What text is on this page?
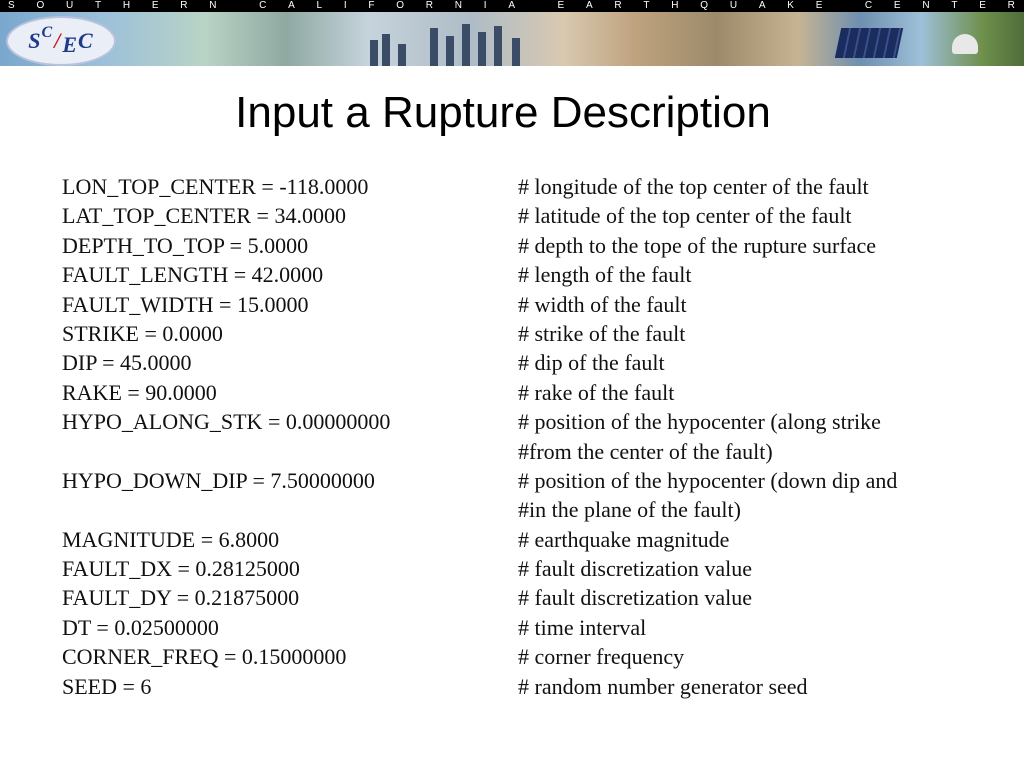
S O U T H E R N	C A L I F O R N I A	E A R T H Q U A K E	C E N T E R
S C / E C
Input a Rupture Description
LON_TOP_CENTER = -118.0000	# longitude of the top center of the fault
LAT_TOP_CENTER = 34.0000	# latitude of the top center of the fault
DEPTH_TO_TOP = 5.0000	# depth to the tope of the rupture surface
FAULT_LENGTH = 42.0000	# length of the fault
FAULT_WIDTH = 15.0000	# width of the fault
STRIKE = 0.0000	# strike of the fault
DIP = 45.0000	# dip of the fault
RAKE = 90.0000	# rake of the fault
HYPO_ALONG_STK = 0.00000000	# position of the hypocenter (along strike
#from the center of the fault)
HYPO_DOWN_DIP = 7.50000000	# position of the hypocenter (down dip and
#in the plane of the fault)
MAGNITUDE = 6.8000	# earthquake magnitude
FAULT_DX = 0.28125000	# fault discretization value
FAULT_DY = 0.21875000	# fault discretization value
DT = 0.02500000	# time interval
CORNER_FREQ = 0.15000000	# corner frequency
SEED = 6	# random number generator seed
